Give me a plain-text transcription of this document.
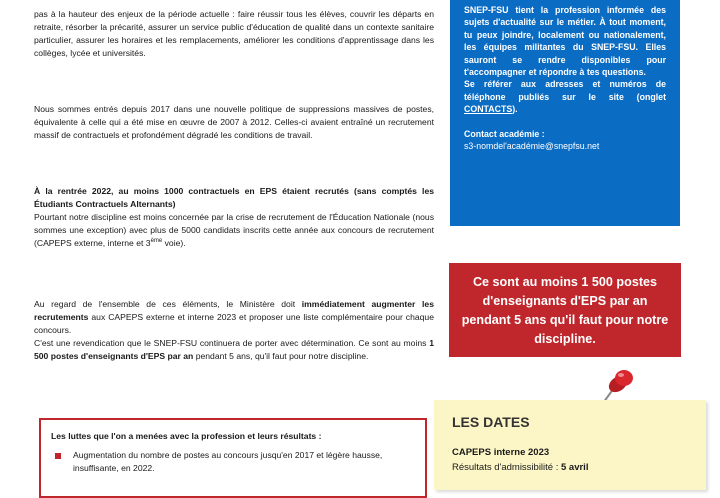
pas à la hauteur des enjeux de la période actuelle : faire réussir tous les élèves, couvrir les départs en retraite, résorber la précarité, assurer un service public d'éducation de qualité dans un contexte sanitaire particulier, assurer les horaires et les remplacements, améliorer les conditions d'apprentissage dans les collèges, lycée et universités.

Nous sommes entrés depuis 2017 dans une nouvelle politique de suppressions massives de postes, équivalente à celle qui a été mise en œuvre de 2007 à 2012. Celles-ci avaient entraîné un recrutement massif de contractuels et profondément dégradé les conditions de travail.

À la rentrée 2022, au moins 1000 contractuels en EPS étaient recrutés (sans comptés les Étudiants Contractuels Alternants)

Pourtant notre discipline est moins concernée par la crise de recrutement de l'Éducation Nationale (nous sommes une exception) avec plus de 5000 candidats inscrits cette année aux concours de recrutement (CAPEPS externe, interne et 3ème voie).

Au regard de l'ensemble de ces éléments, le Ministère doit immédiatement augmenter les recrutements aux CAPEPS externe et interne 2023 et proposer une liste complémentaire pour chaque concours.

C'est une revendication que le SNEP-FSU continuera de porter avec détermination. Ce sont au moins 1 500 postes d'enseignants d'EPS par an pendant 5 ans, qu'il faut pour notre discipline.

Les luttes que l'on a menées avec la profession et leurs résultats :
Augmentation du nombre de postes au concours jusqu'en 2017 et légère hausse, insuffisante, en 2022.

SNEP-FSU tient la profession informée des sujets d'actualité sur le métier. À tout moment, tu peux joindre, localement ou nationalement, les équipes militantes du SNEP-FSU. Elles sauront se rendre disponibles pour t'accompagner et répondre à tes questions.

Se référer aux adresses et numéros de téléphone publiés sur le site (onglet CONTACTS).

Contact académie :

s3-nomdel'académie@snepfsu.net

Ce sont au moins 1 500 postes d'enseignants d'EPS par an pendant 5 ans qu'il faut pour notre discipline.
LES DATES
CAPEPS interne 2023
Résultats d'admissibilité : 5 avril
